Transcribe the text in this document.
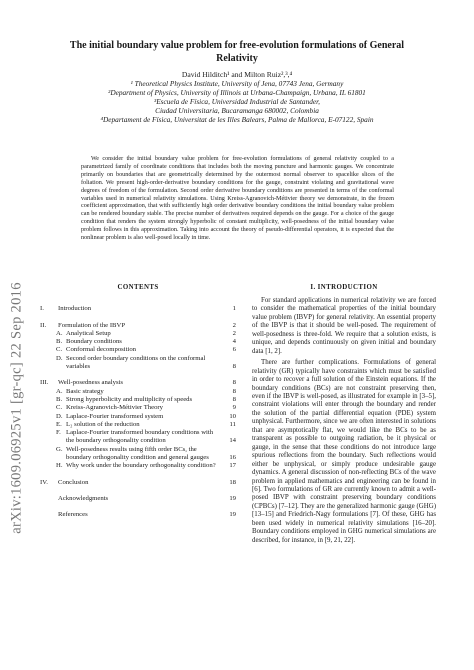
arXiv:1609.06925v1 [gr-qc] 22 Sep 2016
The initial boundary value problem for free-evolution formulations of General Relativity
David Hilditch¹ and Milton Ruiz²,³,⁴
¹ Theoretical Physics Institute, University of Jena, 07743 Jena, Germany
²Department of Physics, University of Illinois at Urbana-Champaign, Urbana, IL 61801
³Escuela de Física, Universidad Industrial de Santander,
Ciudad Universitaria, Bucaramanga 680002, Colombia
⁴Departament de Física, Universitat de les Illes Balears, Palma de Mallorca, E-07122, Spain

We consider the initial boundary value problem for free-evolution formulations of general relativity coupled to a parametrized family of coordinate conditions that includes both the moving puncture and harmonic gauges. We concentrate primarily on boundaries that are geometrically determined by the outermost normal observer to spacelike slices of the foliation. We present high-order-derivative boundary conditions for the gauge, constraint violating and gravitational wave degrees of freedom of the formulation. Second order derivative boundary conditions are presented in terms of the conformal variables used in numerical relativity simulations. Using Kreiss-Agranovich-Métivier theory we demonstrate, in the frozen coefficient approximation, that with sufficiently high order derivative boundary conditions the initial boundary value problem can be rendered boundary stable. The precise number of derivatives required depends on the gauge. For a choice of the gauge condition that renders the system strongly hyperbolic of constant multiplicity, well-posedness of the initial boundary value problem follows in this approximation. Taking into account the theory of pseudo-differential operators, it is expected that the nonlinear problem is also well-posed locally in time.

CONTENTS
I.	Introduction	1
II.	Formulation of the IBVP	2
A. Analytical Setup	2
B. Boundary conditions	4
C. Conformal decomposition	6
D. Second order boundary conditions on the conformal variables	8
III.	Well-posedness analysis	8
A. Basic strategy	8
B. Strong hyperbolicity and multiplicity of speeds	8
C. Kreiss-Agranovich-Métivier Theory	9
D. Laplace-Fourier transformed system	10
E. L₂ solution of the reduction	11
F. Laplace-Fourier transformed boundary conditions with the boundary orthogonality condition	14
G. Well-posedness results using fifth order BCs, the boundary orthogonality condition and general gauges	16
H. Why work under the boundary orthogonality condition?	17
IV.	Conclusion	18
Acknowledgments	19
References	19
I. INTRODUCTION

For standard applications in numerical relativity we are forced to consider the mathematical properties of the initial boundary value problem (IBVP) for general relativity. An essential property of the IBVP is that it should be well-posed. The requirement of well-posedness is three-fold. We require that a solution exists, is unique, and depends continuously on given initial and boundary data [1, 2].

There are further complications. Formulations of general relativity (GR) typically have constraints which must be satisfied in order to recover a full solution of the Einstein equations. If the boundary conditions (BCs) are not constraint preserving then, even if the IBVP is well-posed, as illustrated for example in [3–5], constraint violations will enter through the boundary and render the solution of the partial differential equation (PDE) system unphysical. Furthermore, since we are often interested in solutions that are asymptotically flat, we would like the BCs to be as transparent as possible to outgoing radiation, be it physical or gauge, in the sense that these conditions do not introduce large spurious reflections from the boundary. Such reflections would either be unphysical, or simply produce undesirable gauge dynamics. A general discussion of non-reflecting BCs of the wave problem in applied mathematics and engineering can be found in [6]. Two formulations of GR are currently known to admit a well-posed IBVP with constraint preserving boundary conditions (CPBCs) [7–12]. They are the generalized harmonic gauge (GHG) [13–15] and Friedrich-Nagy formulations [7]. Of these, GHG has been used widely in numerical relativity simulations [16–20]. Boundary conditions employed in GHG numerical simulations are described, for instance, in [9, 21, 22].
